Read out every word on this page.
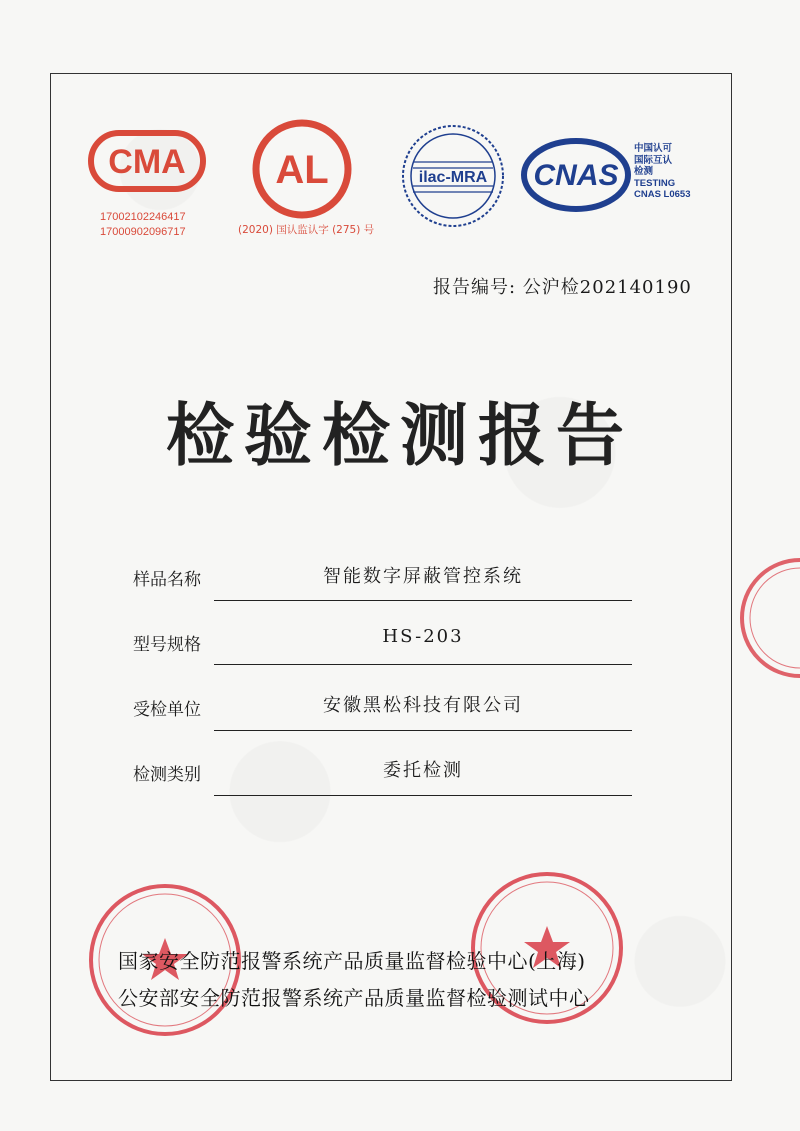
CMA
17002102246417
17000902096717
AL
(2020) 国认监认字 (275) 号
ilac-MRA CNAS
中国认可
国际互认
检测
TESTING
CNAS L0653
报告编号: 公沪检202140190
检验检测报告
样品名称	智能数字屏蔽管控系统
型号规格	HS-203
受检单位	安徽黑松科技有限公司
检测类别	委托检测
国家安全防范报警系统产品质量监督检验中心(上海)
公安部安全防范报警系统产品质量监督检验测试中心
